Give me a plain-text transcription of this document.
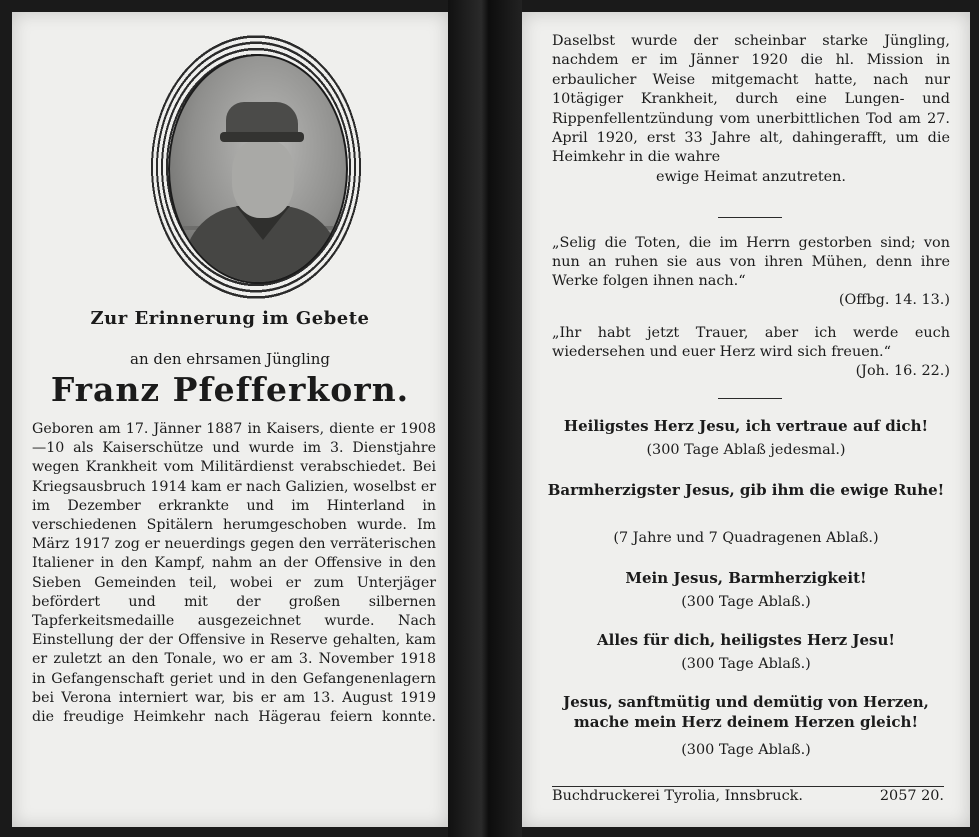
Zur Erinnerung im Gebete

an den ehrsamen Jüngling

Franz Pfefferkorn.

Geboren am 17. Jänner 1887 in Kaisers, diente er 1908—10 als Kaiserschütze und wurde im 3. Dienstjahre wegen Krankheit vom Militärdienst verabschiedet. Bei Kriegsausbruch 1914 kam er nach Galizien, woselbst er im Dezember erkrankte und im Hinterland in verschiedenen Spitälern herumgeschoben wurde. Im März 1917 zog er neuerdings gegen den verräterischen Italiener in den Kampf, nahm an der Offensive in den Sieben Gemeinden teil, wobei er zum Unterjäger befördert und mit der großen silbernen Tapferkeitsmedaille ausgezeichnet wurde. Nach Einstellung der der Offensive in Reserve gehalten, kam er zuletzt an den Tonale, wo er am 3. November 1918 in Gefangenschaft geriet und in den Gefangenenlagern bei Verona interniert war, bis er am 13. August 1919 die freudige Heimkehr nach Hägerau feiern konnte.

Daselbst wurde der scheinbar starke Jüngling, nachdem er im Jänner 1920 die hl. Mission in erbaulicher Weise mitgemacht hatte, nach nur 10tägiger Krankheit, durch eine Lungen- und Rippenfellentzündung vom unerbittlichen Tod am 27. April 1920, erst 33 Jahre alt, dahingerafft, um die Heimkehr in die wahre
ewige Heimat anzutreten.

„Selig die Toten, die im Herrn gestorben sind; von nun an ruhen sie aus von ihren Mühen, denn ihre Werke folgen ihnen nach.“
(Offbg. 14. 13.)

„Ihr habt jetzt Trauer, aber ich werde euch wiedersehen und euer Herz wird sich freuen.“
(Joh. 16. 22.)

Heiligstes Herz Jesu, ich vertraue auf dich!

(300 Tage Ablaß jedesmal.)

Barmherzigster Jesus, gib ihm die ewige Ruhe!

(7 Jahre und 7 Quadragenen Ablaß.)

Mein Jesus, Barmherzigkeit!

(300 Tage Ablaß.)

Alles für dich, heiligstes Herz Jesu!

(300 Tage Ablaß.)

Jesus, sanftmütig und demütig von Herzen, mache mein Herz deinem Herzen gleich!

(300 Tage Ablaß.)

Buchdruckerei Tyrolia, Innsbruck.	2057 20.
